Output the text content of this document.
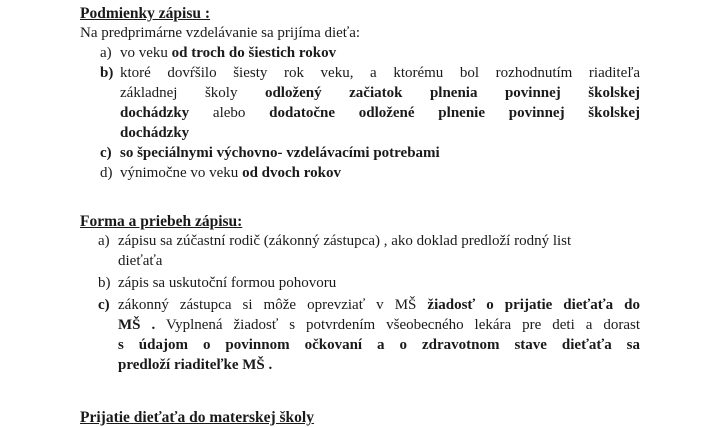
Podmienky zápisu :
Na predprimárne vzdelávanie sa prijíma dieťa:
a) vo veku od troch do šiestich rokov
b) ktoré dovŕšilo šiesty rok veku, a ktorému bol rozhodnutím riaditeľa
základnej školy odložený začiatok plnenia povinnej školskej
dochádzky alebo dodatočne odložené plnenie povinnej školskej
dochádzky
c) so špeciálnymi výchovno- vzdelávacími potrebami
d) výnimočne vo veku od dvoch rokov
Forma a priebeh zápisu:
a) zápisu sa zúčastní rodič (zákonný zástupca) , ako doklad predloží rodný list
dieťaťa
b) zápis sa uskutoční formou pohovoru
c) zákonný zástupca si môže oprevziať v MŠ žiadosť o prijatie dieťaťa do
MŠ . Vyplnená žiadosť s potvrdením všeobecného lekára pre deti a dorast
s údajom o povinnom očkovaní a o zdravotnom stave dieťaťa sa
predloží riaditeľke MŠ .
Prijatie dieťaťa do materskej školy
